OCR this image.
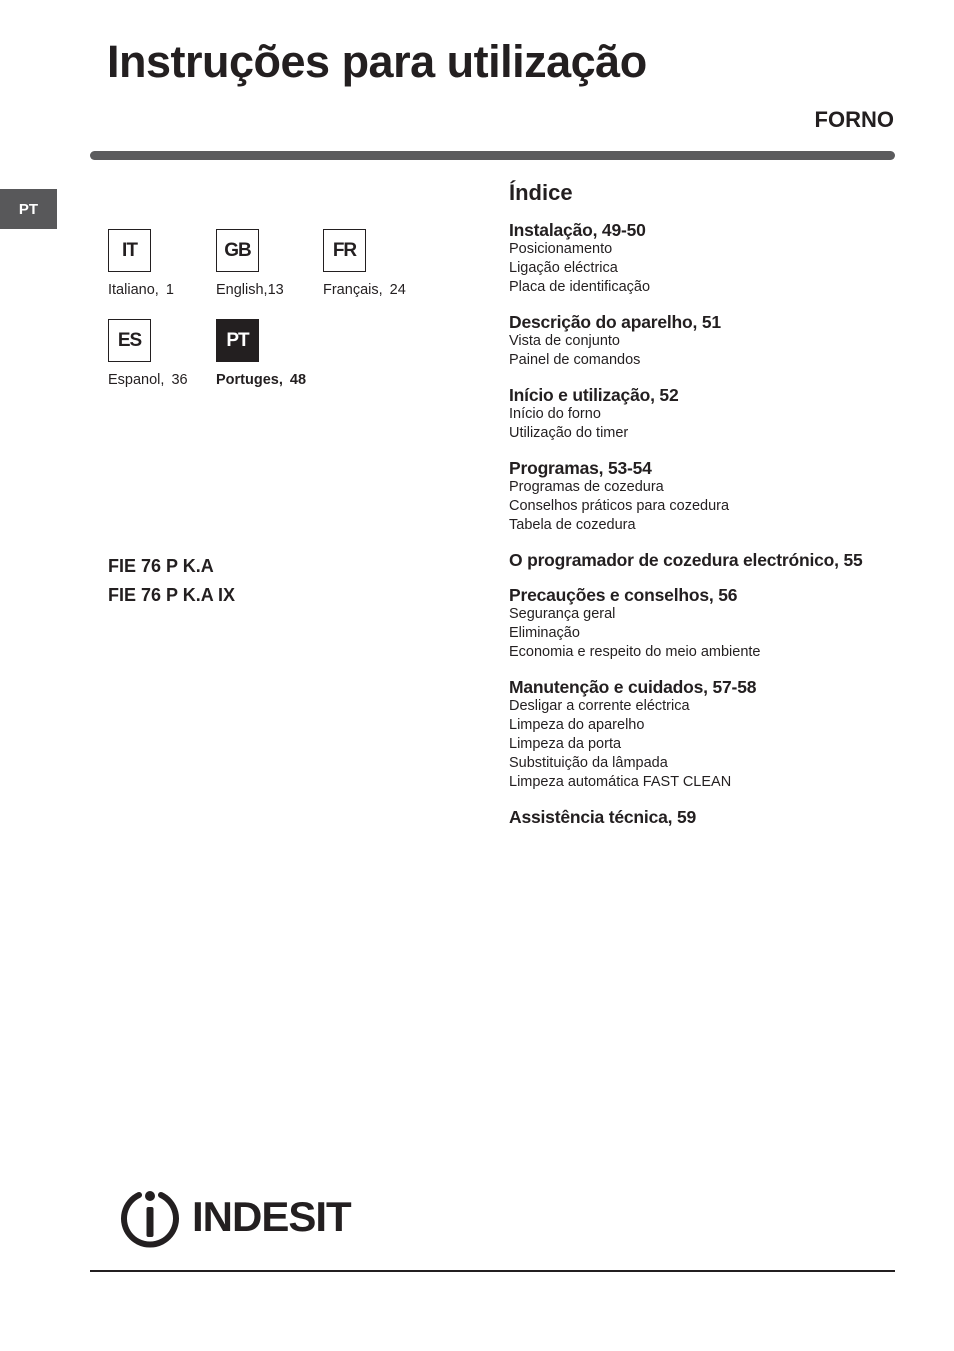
Instruções para utilização
FORNO
PT
IT
Italiano, 1
GB
English,13
FR
Français, 24
ES
Espanol, 36
PT
Portuges, 48
FIE 76 P K.A
FIE 76 P K.A IX
Índice
Instalação, 49-50
Posicionamento
Ligação eléctrica
Placa de identificação
Descrição do aparelho, 51
Vista de conjunto
Painel de comandos
Início e utilização, 52
Início do forno
Utilização do timer
Programas, 53-54
Programas de cozedura
Conselhos práticos para cozedura
Tabela de cozedura
O programador de cozedura electrónico, 55
Precauções e conselhos, 56
Segurança geral
Eliminação
Economia e respeito do meio ambiente
Manutenção e cuidados, 57-58
Desligar a corrente eléctrica
Limpeza do aparelho
Limpeza da porta
Substituição da lâmpada
Limpeza automática FAST CLEAN
Assistência técnica, 59
INDESIT
